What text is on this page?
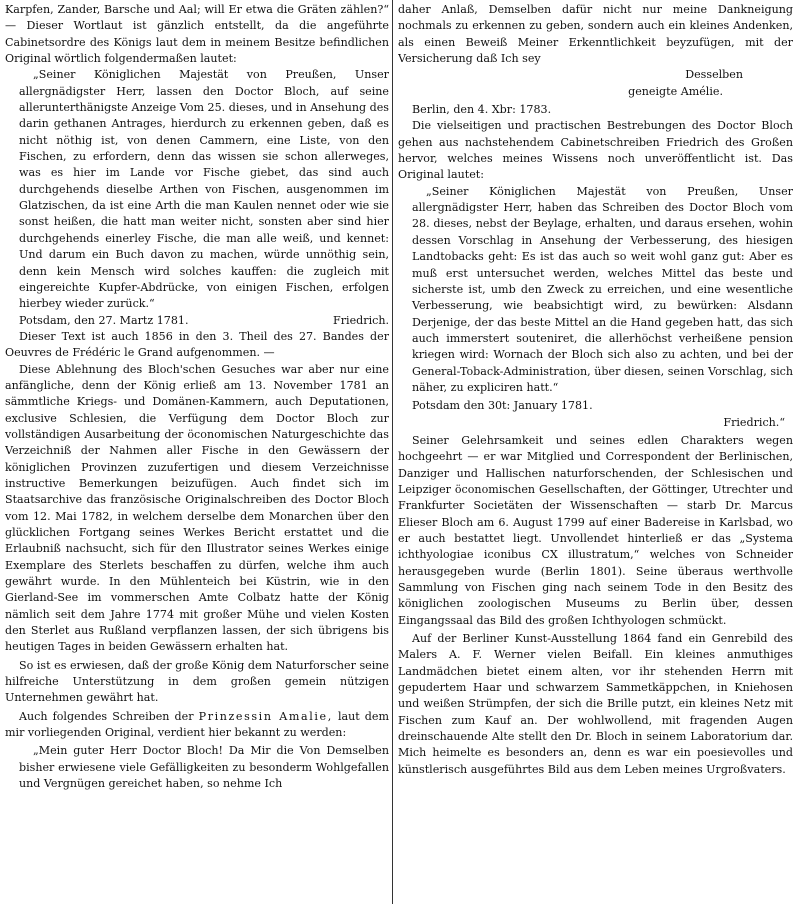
Karpfen, Zander, Barsche und Aal; will Er etwa die Gräten zählen?“ — Dieser Wortlaut ist gänzlich entstellt, da die angeführte Cabinetsordre des Königs laut dem in meinem Besitze befindlichen Original wörtlich folgendermaßen lautet:

„Seiner Königlichen Majestät von Preußen, Unser allergnädigster Herr, lassen den Doctor Bloch, auf seine allerunterthänigste Anzeige Vom 25. dieses, und in Ansehung des darin gethanen Antrages, hierdurch zu erkennen geben, daß es nicht nöthig ist, von denen Cammern, eine Liste, von den Fischen, zu erfordern, denn das wissen sie schon allerweges, was es hier im Lande vor Fische giebet, das sind auch durchgehends dieselbe Arthen von Fischen, ausgenommen im Glatzischen, da ist eine Arth die man Kaulen nennet oder wie sie sonst heißen, die hatt man weiter nicht, sonsten aber sind hier durchgehends einerley Fische, die man alle weiß, und kennet: Und darum ein Buch davon zu machen, würde unnöthig sein, denn kein Mensch wird solches kauffen: die zugleich mit eingereichte Kupfer-Abdrücke, von einigen Fischen, erfolgen hierbey wieder zurück.“

Potsdam, den 27. Martz 1781.	Friedrich.

Dieser Text ist auch 1856 in den 3. Theil des 27. Bandes der Oeuvres de Frédéric le Grand aufgenommen. —

Diese Ablehnung des Bloch'schen Gesuches war aber nur eine anfängliche, denn der König erließ am 13. November 1781 an sämmtliche Kriegs- und Domänen-Kammern, auch Deputationen, exclusive Schlesien, die Verfügung dem Doctor Bloch zur vollständigen Ausarbeitung der öconomischen Naturgeschichte das Verzeichniß der Nahmen aller Fische in den Gewässern der königlichen Provinzen zuzufertigen und diesem Verzeichnisse instructive Bemerkungen beizufügen. Auch findet sich im Staatsarchive das französische Originalschreiben des Doctor Bloch vom 12. Mai 1782, in welchem derselbe dem Monarchen über den glücklichen Fortgang seines Werkes Bericht erstattet und die Erlaubniß nachsucht, sich für den Illustrator seines Werkes einige Exemplare des Sterlets beschaffen zu dürfen, welche ihm auch gewährt wurde. In den Mühlenteich bei Küstrin, wie in den Gierland-See im vommerschen Amte Colbatz hatte der König nämlich seit dem Jahre 1774 mit großer Mühe und vielen Kosten den Sterlet aus Rußland verpflanzen lassen, der sich übrigens bis heutigen Tages in beiden Gewässern erhalten hat.

So ist es erwiesen, daß der große König dem Naturforscher seine hilfreiche Unterstützung in dem großen gemein nützigen Unternehmen gewährt hat.

Auch folgendes Schreiben der Prinzessin Amalie, laut dem mir vorliegenden Original, verdient hier bekannt zu werden:

„Mein guter Herr Doctor Bloch! Da Mir die Von Demselben bisher erwiesene viele Gefälligkeiten zu besonderm Wohlgefallen und Vergnügen gereichet haben, so nehme Ich

daher Anlaß, Demselben dafür nicht nur meine Dankneigung nochmals zu erkennen zu geben, sondern auch ein kleines Andenken, als einen Beweiß Meiner Erkenntlichkeit beyzufügen, mit der Versicherung daß Ich sey

Desselben

geneigte Amélie.

Berlin, den 4. Xbr: 1783.

Die vielseitigen und practischen Bestrebungen des Doctor Bloch gehen aus nachstehendem Cabinetschreiben Friedrich des Großen hervor, welches meines Wissens noch unveröffentlicht ist. Das Original lautet:

„Seiner Königlichen Majestät von Preußen, Unser allergnädigster Herr, haben das Schreiben des Doctor Bloch vom 28. dieses, nebst der Beylage, erhalten, und daraus ersehen, wohin dessen Vorschlag in Ansehung der Verbesserung, des hiesigen Landtobacks geht: Es ist das auch so weit wohl ganz gut: Aber es muß erst untersuchet werden, welches Mittel das beste und sicherste ist, umb den Zweck zu erreichen, und eine wesentliche Verbesserung, wie beabsichtigt wird, zu bewürken: Alsdann Derjenige, der das beste Mittel an die Hand gegeben hatt, das sich auch immerstert souteniret, die allerhöchst verheißene pension kriegen wird: Wornach der Bloch sich also zu achten, und bei der General-Toback-Administration, über diesen, seinen Vorschlag, sich näher, zu expliciren hatt.“

Potsdam den 30t: January 1781.

Friedrich.“

Seiner Gelehrsamkeit und seines edlen Charakters wegen hochgeehrt — er war Mitglied und Correspondent der Berlinischen, Danziger und Hallischen naturforschenden, der Schlesischen und Leipziger öconomischen Gesellschaften, der Göttinger, Utrechter und Frankfurter Societäten der Wissenschaften — starb Dr. Marcus Elieser Bloch am 6. August 1799 auf einer Badereise in Karlsbad, wo er auch bestattet liegt. Unvollendet hinterließ er das „Systema ichthyologiae iconibus CX illustratum,“ welches von Schneider herausgegeben wurde (Berlin 1801). Seine überaus werthvolle Sammlung von Fischen ging nach seinem Tode in den Besitz des königlichen zoologischen Museums zu Berlin über, dessen Eingangssaal das Bild des großen Ichthyologen schmückt.

Auf der Berliner Kunst-Ausstellung 1864 fand ein Genrebild des Malers A. F. Werner vielen Beifall. Ein kleines anmuthiges Landmädchen bietet einem alten, vor ihr stehenden Herrn mit gepudertem Haar und schwarzem Sammetkäppchen, in Kniehosen und weißen Strümpfen, der sich die Brille putzt, ein kleines Netz mit Fischen zum Kauf an. Der wohlwollend, mit fragenden Augen dreinschauende Alte stellt den Dr. Bloch in seinem Laboratorium dar. Mich heimelte es besonders an, denn es war ein poesievolles und künstlerisch ausgeführtes Bild aus dem Leben meines Urgroßvaters.
